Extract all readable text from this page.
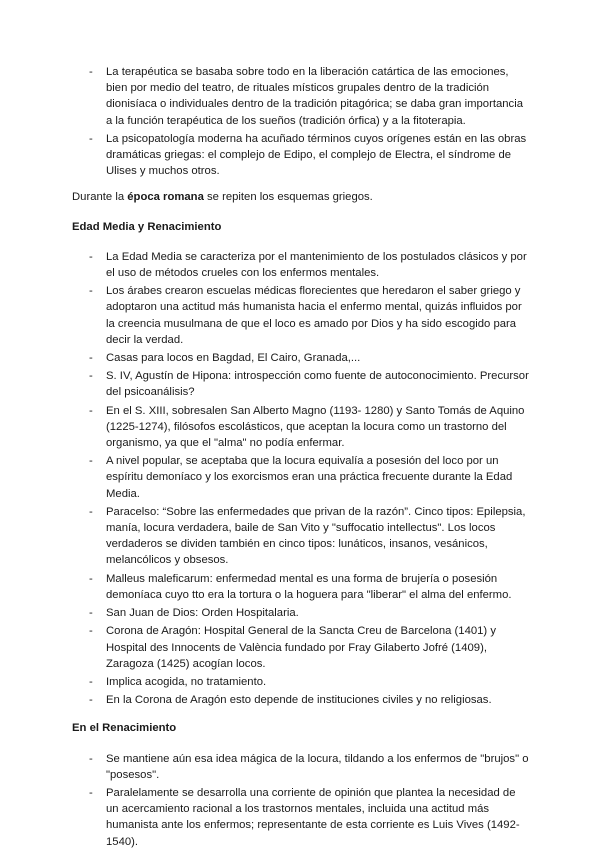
- La terapéutica se basaba sobre todo en la liberación catártica de las emociones, bien por medio del teatro, de rituales místicos grupales dentro de la tradición dionisíaca o individuales dentro de la tradición pitagórica; se daba gran importancia a la función terapéutica de los sueños (tradición órfica) y a la fitoterapia.
- La psicopatología moderna ha acuñado términos cuyos orígenes están en las obras dramáticas griegas: el complejo de Edipo, el complejo de Electra, el síndrome de Ulises y muchos otros.

Durante la época romana se repiten los esquemas griegos.

Edad Media y Renacimiento
- La Edad Media se caracteriza por el mantenimiento de los postulados clásicos y por el uso de métodos crueles con los enfermos mentales.
- Los árabes crearon escuelas médicas florecientes que heredaron el saber griego y adoptaron una actitud más humanista hacia el enfermo mental, quizás influidos por la creencia musulmana de que el loco es amado por Dios y ha sido escogido para decir la verdad.
- Casas para locos en Bagdad, El Cairo, Granada,...
- S. IV, Agustín de Hipona: introspección como fuente de autoconocimiento. Precursor del psicoanálisis?
- En el S. XIII, sobresalen San Alberto Magno (1193- 1280) y Santo Tomás de Aquino (1225-1274), filósofos escolásticos, que aceptan la locura como un trastorno del organismo, ya que el "alma" no podía enfermar.
- A nivel popular, se aceptaba que la locura equivalía a posesión del loco por un espíritu demoníaco y los exorcismos eran una práctica frecuente durante la Edad Media.
- Paracelso: “Sobre las enfermedades que privan de la razón”. Cinco tipos: Epilepsia, manía, locura verdadera, baile de San Vito y "suffocatio intellectus". Los locos verdaderos se dividen también en cinco tipos: lunáticos, insanos, vesánicos, melancólicos y obsesos.
- Malleus maleficarum: enfermedad mental es una forma de brujería o posesión demoníaca cuyo tto era la tortura o la hoguera para "liberar" el alma del enfermo.
- San Juan de Dios: Orden Hospitalaria.
- Corona de Aragón: Hospital General de la Sancta Creu de Barcelona (1401) y Hospital des Innocents de València fundado por Fray Gilaberto Jofré (1409), Zaragoza (1425) acogían locos.
- Implica acogida, no tratamiento.
- En la Corona de Aragón esto depende de instituciones civiles y no religiosas.
En el Renacimiento
- Se mantiene aún esa idea mágica de la locura, tildando a los enfermos de "brujos" o "posesos".
- Paralelamente se desarrolla una corriente de opinión que plantea la necesidad de un acercamiento racional a los trastornos mentales, incluida una actitud más humanista ante los enfermos; representante de esta corriente es Luis Vives (1492-1540).
